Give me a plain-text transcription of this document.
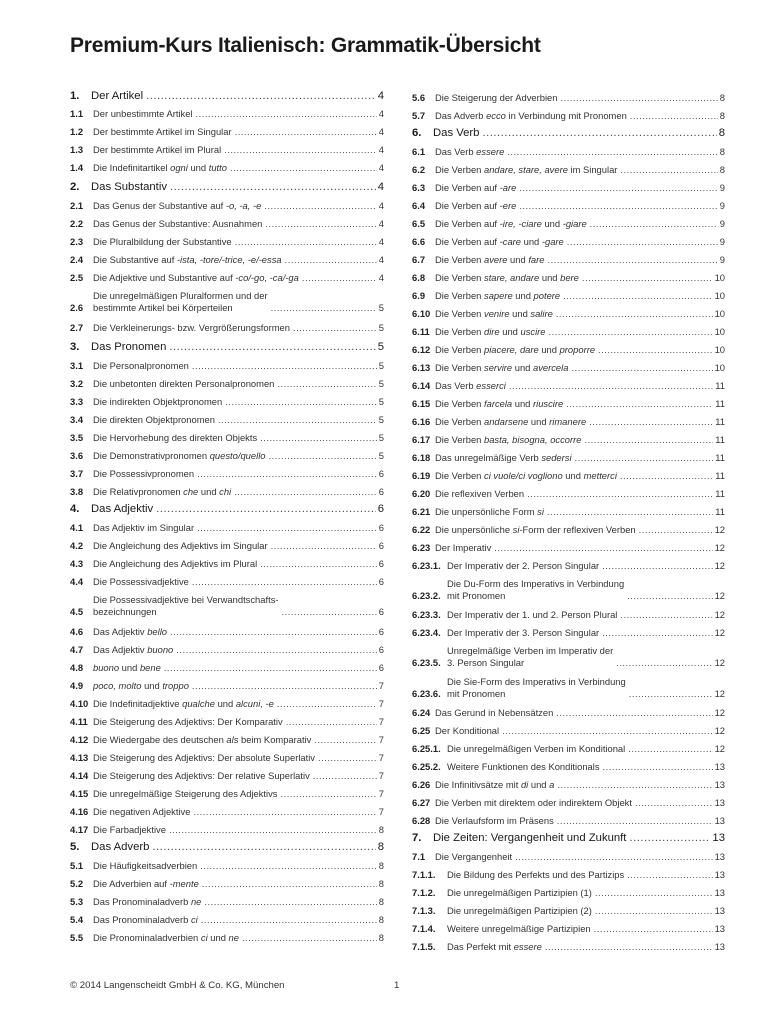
Premium-Kurs Italienisch: Grammatik-Übersicht
1.	Der Artikel .....	4
1.1	Der unbestimmte Artikel .....	4
1.2	Der bestimmte Artikel im Singular .....	4
1.3	Der bestimmte Artikel im Plural .....	4
1.4	Die Indefinitartikel ogni und tutto .....	4
2.	Das Substantiv .....	4
2.1	Das Genus der Substantive auf -o, -a, -e .....	4
2.2	Das Genus der Substantive: Ausnahmen .....	4
2.3	Die Pluralbildung der Substantive .....	4
2.4	Die Substantive auf -ista, -tore/-trice, -e/-essa .....	4
2.5	Die Adjektive und Substantive auf -co/-go, -ca/-ga .....	4
2.6
Die unregelmäßigen Pluralformen und der
bestimmte Artikel bei Körperteilen .....	5
2.7	Die Verkleinerungs- bzw. Vergrößerungsformen .....	5
3.	Das Pronomen .....	5
3.1	Die Personalpronomen .....	5
3.2	Die unbetonten direkten Personalpronomen .....	5
3.3	Die indirekten Objektpronomen .....	5
3.4	Die direkten Objektpronomen .....	5
3.5	Die Hervorhebung des direkten Objekts .....	5
3.6	Die Demonstrativpronomen questo/quello .....	5
3.7	Die Possessivpronomen .....	6
3.8	Die Relativpronomen che und chi .....	6
4.	Das Adjektiv .....	6
4.1	Das Adjektiv im Singular .....	6
4.2	Die Angleichung des Adjektivs im Singular .....	6
4.3	Die Angleichung des Adjektivs im Plural .....	6
4.4	Die Possessivadjektive .....	6
4.5
Die Possessivadjektive bei Verwandtschafts-
bezeichnungen .....	6
4.6	Das Adjektiv bello .....	6
4.7	Das Adjektiv buono .....	6
4.8	buono und bene .....	6
4.9	poco, molto und troppo .....	7
4.10 Die Indefinitadjektive qualche und alcuni, -e .....	7
4.11 Die Steigerung des Adjektivs: Der Komparativ .....	7
4.12 Die Wiedergabe des deutschen als beim Komparativ .....	7
4.13 Die Steigerung des Adjektivs: Der absolute Superlativ .....	7
4.14 Die Steigerung des Adjektivs: Der relative Superlativ .....	7
4.15 Die unregelmäßige Steigerung des Adjektivs .....	7
4.16 Die negativen Adjektive .....	7
4.17 Die Farbadjektive .....	8
5.	Das Adverb .....	8
5.1	Die Häufigkeitsadverbien .....	8
5.2	Die Adverbien auf -mente .....	8
5.3	Das Pronominaladverb ne .....	8
5.4	Das Pronominaladverb ci .....	8
5.5	Die Pronominaladverbien ci und ne .....	8
5.6	Die Steigerung der Adverbien .....	8
5.7	Das Adverb ecco in Verbindung mit Pronomen .....	8
6.	Das Verb .....	8
6.1	Das Verb essere .....	8
6.2	Die Verben andare, stare, avere im Singular .....	8
6.3	Die Verben auf -are .....	9
6.4	Die Verben auf -ere .....	9
6.5	Die Verben auf -ire, -ciare und -giare .....	9
6.6	Die Verben auf -care und -gare .....	9
6.7	Die Verben avere und fare .....	9
6.8	Die Verben stare, andare und bere .....	10
6.9	Die Verben sapere und potere .....	10
6.10 Die Verben venire und salire .....	10
6.11 Die Verben dire und uscire .....	10
6.12 Die Verben piacere, dare und proporre .....	10
6.13 Die Verben servire und avercela .....	10
6.14 Das Verb esserci .....	11
6.15 Die Verben farcela und riuscire .....	11
6.16 Die Verben andarsene und rimanere .....	11
6.17 Die Verben basta, bisogna, occorre .....	11
6.18 Das unregelmäßige Verb sedersi .....	11
6.19 Die Verben ci vuole/ci vogliono und metterci .....	11
6.20 Die reflexiven Verben .....	11
6.21 Die unpersönliche Form si .....	11
6.22 Die unpersönliche si-Form der reflexiven Verben .....	12
6.23 Der Imperativ .....	12
6.23.1. Der Imperativ der 2. Person Singular .....	12
6.23.2.
Die Du-Form des Imperativs in Verbindung
mit Pronomen .....	12
6.23.3. Der Imperativ der 1. und 2. Person Plural .....	12
6.23.4. Der Imperativ der 3. Person Singular .....	12
6.23.5.
Unregelmäßige Verben im Imperativ der
3. Person Singular .....	12
6.23.6.
Die Sie-Form des Imperativs in Verbindung
mit Pronomen .....	12
6.24 Das Gerund in Nebensätzen .....	12
6.25 Der Konditional .....	12
6.25.1. Die unregelmäßigen Verben im Konditional .....	12
6.25.2. Weitere Funktionen des Konditionals .....	13
6.26 Die Infinitivsätze mit di und a .....	13
6.27 Die Verben mit direktem oder indirektem Objekt .....	13
6.28 Die Verlaufsform im Präsens .....	13
7.	Die Zeiten: Vergangenheit und Zukunft .....	13
7.1	Die Vergangenheit .....	13
7.1.1.	Die Bildung des Perfekts und des Partizips .....	13
7.1.2.	Die unregelmäßigen Partizipien (1) .....	13
7.1.3.	Die unregelmäßigen Partizipien (2) .....	13
7.1.4.	Weitere unregelmäßige Partizipien .....	13
7.1.5.	Das Perfekt mit essere .....	13
© 2014 Langenscheidt GmbH & Co. KG, München	1
